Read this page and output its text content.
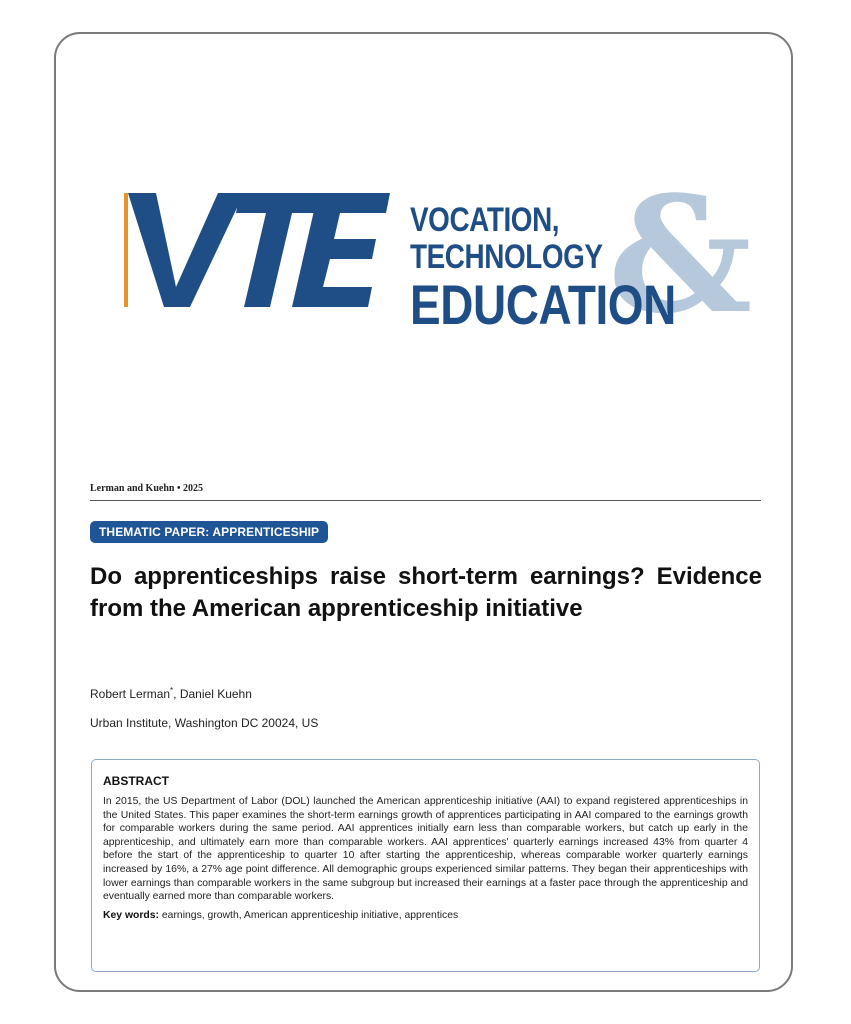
VTE	&
VOCATION,
TECHNOLOGY
EDUCATION
Lerman and Kuehn • 2025
THEMATIC PAPER: APPRENTICESHIP
Do apprenticeships raise short-term earnings? Evidence from the American apprenticeship initiative
Robert Lerman*, Daniel Kuehn
Urban Institute, Washington DC 20024, US
ABSTRACT

In 2015, the US Department of Labor (DOL) launched the American apprenticeship initiative (AAI) to expand registered apprenticeships in the United States. This paper examines the short-term earnings growth of apprentices participating in AAI compared to the earnings growth for comparable workers during the same period. AAI apprentices initially earn less than comparable workers, but catch up early in the apprenticeship, and ultimately earn more than comparable workers. AAI apprentices' quarterly earnings increased 43% from quarter 4 before the start of the apprenticeship to quarter 10 after starting the apprenticeship, whereas comparable worker quarterly earnings increased by 16%, a 27% age point difference. All demographic groups experienced similar patterns. They began their apprenticeships with lower earnings than comparable workers in the same subgroup but increased their earnings at a faster pace through the apprenticeship and eventually earned more than comparable workers.

Key words: earnings, growth, American apprenticeship initiative, apprentices
